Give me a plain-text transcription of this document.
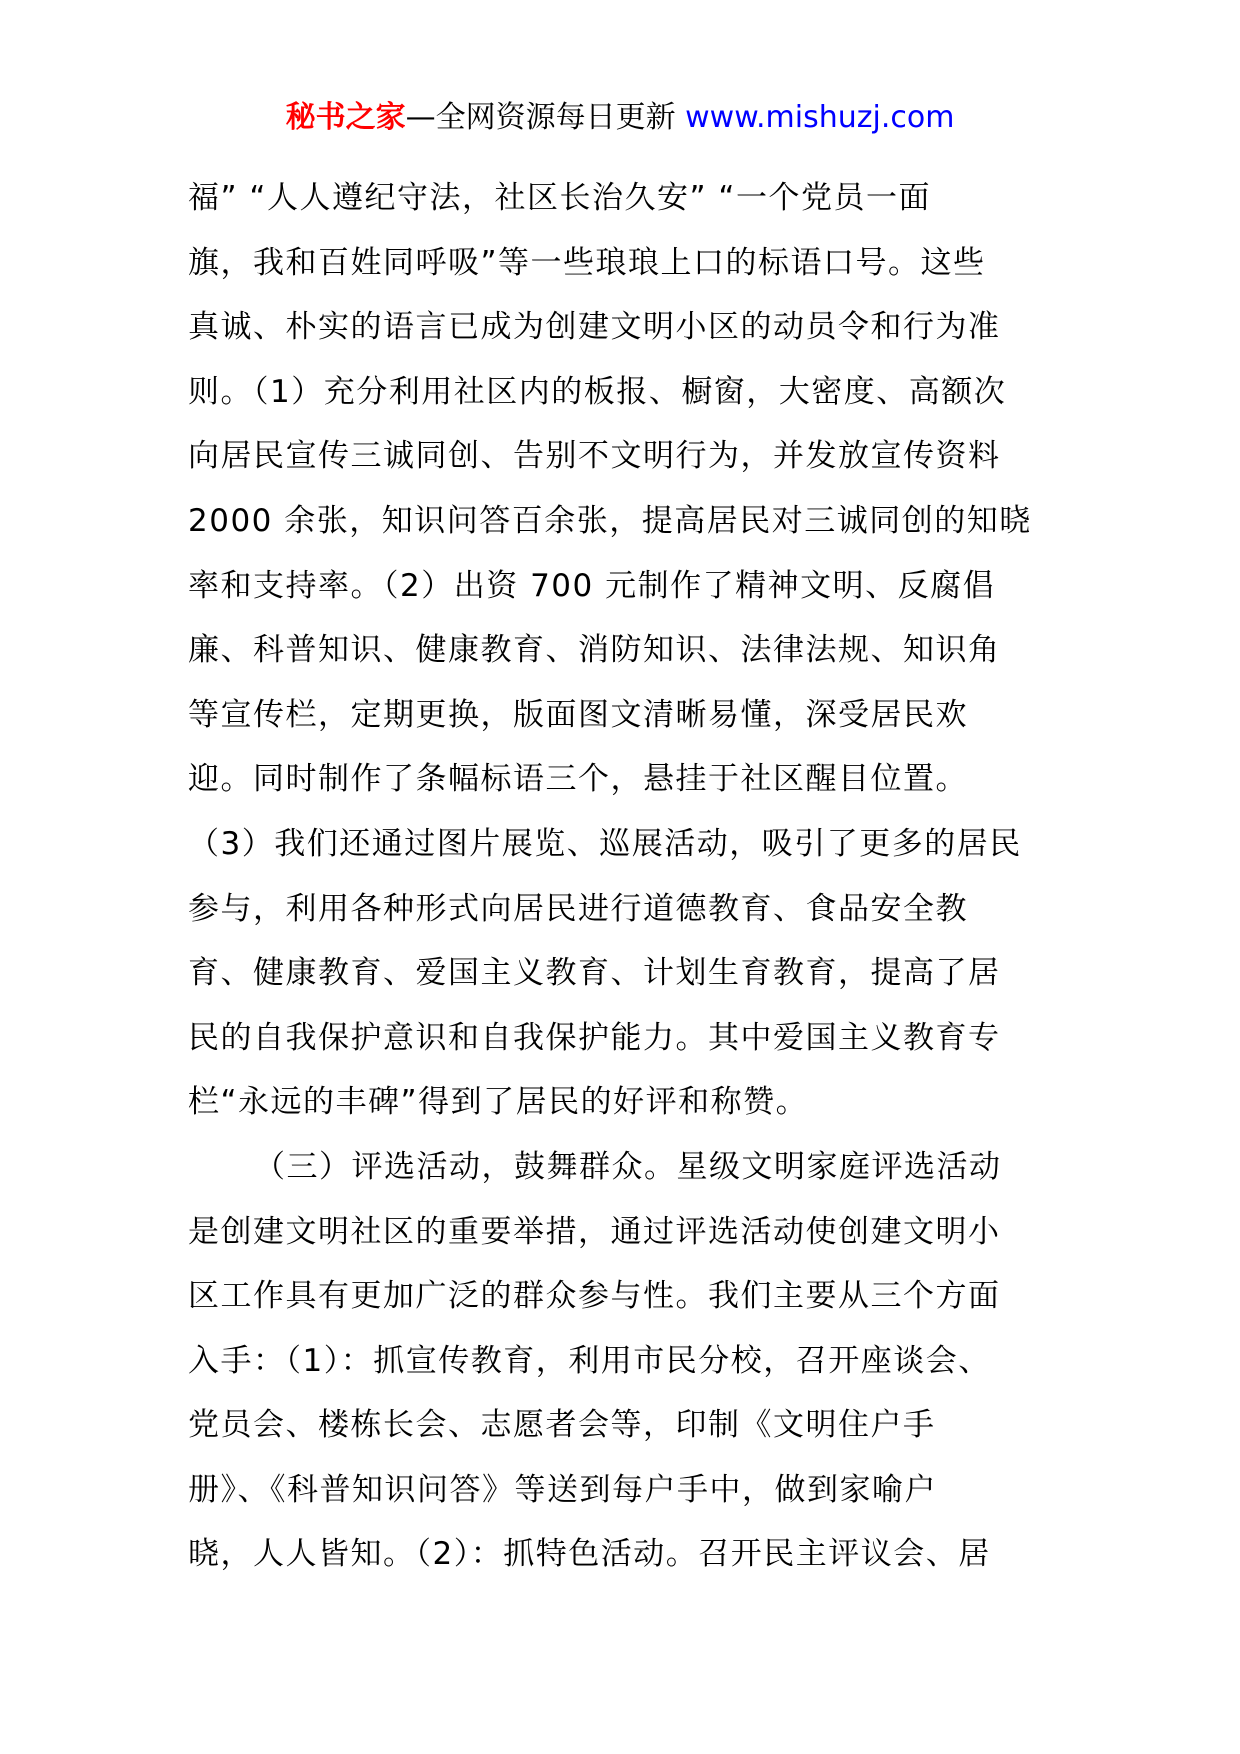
秘书之家—全网资源每日更新 www.mishuzj.com
福” “人人遵纪守法，社区长治久安” “一个党员一面
旗，我和百姓同呼吸”等一些琅琅上口的标语口号。这些
真诚、朴实的语言已成为创建文明小区的动员令和行为准
则。（1）充分利用社区内的板报、橱窗，大密度、高额次
向居民宣传三诚同创、告别不文明行为，并发放宣传资料
2000 余张，知识问答百余张，提高居民对三诚同创的知晓
率和支持率。（2）出资 700 元制作了精神文明、反腐倡
廉、科普知识、健康教育、消防知识、法律法规、知识角
等宣传栏，定期更换，版面图文清晰易懂，深受居民欢
迎。同时制作了条幅标语三个，悬挂于社区醒目位置。
（3）我们还通过图片展览、巡展活动，吸引了更多的居民
参与，利用各种形式向居民进行道德教育、食品安全教
育、健康教育、爱国主义教育、计划生育教育，提高了居
民的自我保护意识和自我保护能力。其中爱国主义教育专
栏“永远的丰碑”得到了居民的好评和称赞。
（三）评选活动，鼓舞群众。星级文明家庭评选活动
是创建文明社区的重要举措，通过评选活动使创建文明小
区工作具有更加广泛的群众参与性。我们主要从三个方面
入手：（1）：抓宣传教育，利用市民分校，召开座谈会、
党员会、楼栋长会、志愿者会等，印制《文明住户手
册》、《科普知识问答》等送到每户手中，做到家喻户
晓，人人皆知。（2）：抓特色活动。召开民主评议会、居
